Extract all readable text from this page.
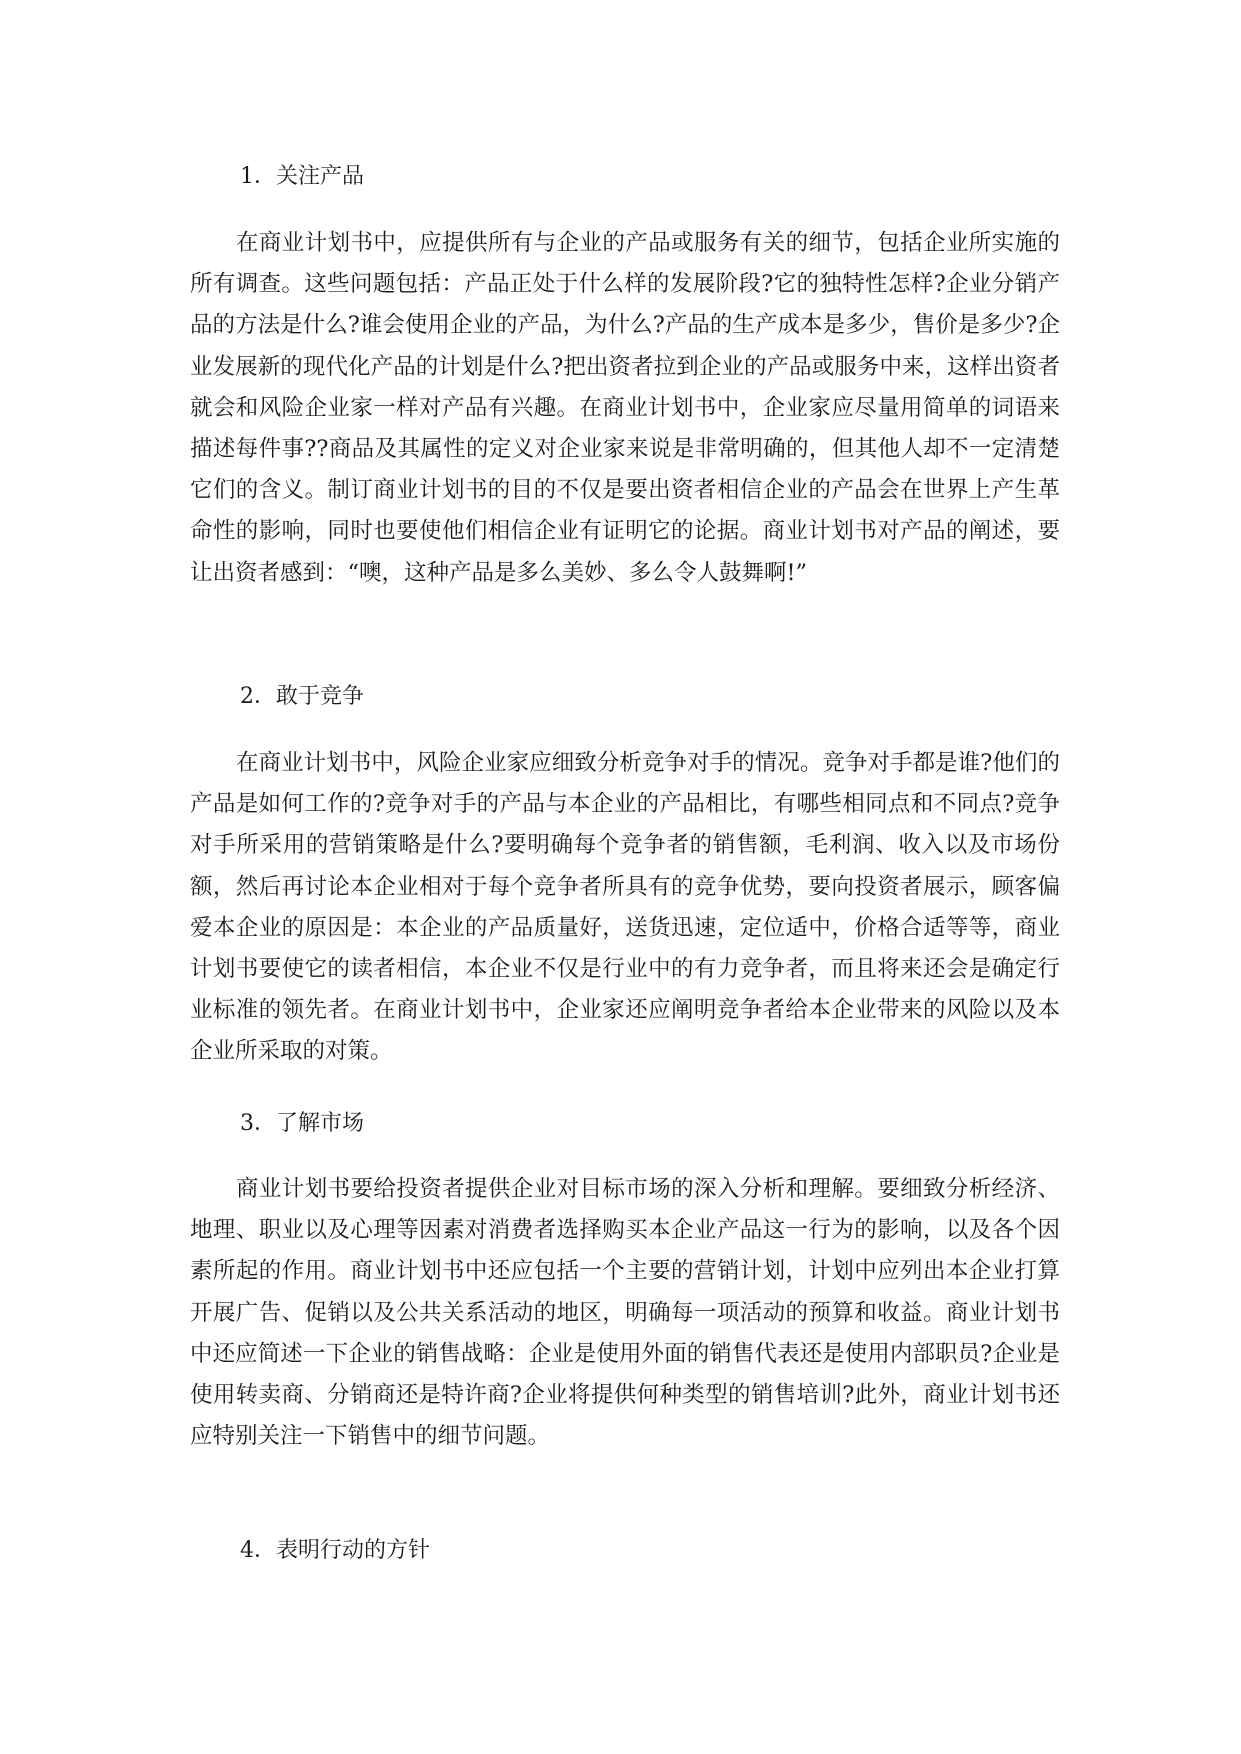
1．关注产品

在商业计划书中，应提供所有与企业的产品或服务有关的细节，包括企业所实施的所有调查。这些问题包括：产品正处于什么样的发展阶段?它的独特性怎样?企业分销产品的方法是什么?谁会使用企业的产品，为什么?产品的生产成本是多少，售价是多少?企业发展新的现代化产品的计划是什么?把出资者拉到企业的产品或服务中来，这样出资者就会和风险企业家一样对产品有兴趣。在商业计划书中，企业家应尽量用简单的词语来描述每件事??商品及其属性的定义对企业家来说是非常明确的，但其他人却不一定清楚它们的含义。制订商业计划书的目的不仅是要出资者相信企业的产品会在世界上产生革命性的影响，同时也要使他们相信企业有证明它的论据。商业计划书对产品的阐述，要让出资者感到：“噢，这种产品是多么美妙、多么令人鼓舞啊!”

2．敢于竞争

在商业计划书中，风险企业家应细致分析竞争对手的情况。竞争对手都是谁?他们的产品是如何工作的?竞争对手的产品与本企业的产品相比，有哪些相同点和不同点?竞争对手所采用的营销策略是什么?要明确每个竞争者的销售额，毛利润、收入以及市场份额，然后再讨论本企业相对于每个竞争者所具有的竞争优势，要向投资者展示，顾客偏爱本企业的原因是：本企业的产品质量好，送货迅速，定位适中，价格合适等等，商业计划书要使它的读者相信，本企业不仅是行业中的有力竞争者，而且将来还会是确定行业标准的领先者。在商业计划书中，企业家还应阐明竞争者给本企业带来的风险以及本企业所采取的对策。

3．了解市场

商业计划书要给投资者提供企业对目标市场的深入分析和理解。要细致分析经济、地理、职业以及心理等因素对消费者选择购买本企业产品这一行为的影响，以及各个因素所起的作用。商业计划书中还应包括一个主要的营销计划，计划中应列出本企业打算开展广告、促销以及公共关系活动的地区，明确每一项活动的预算和收益。商业计划书中还应简述一下企业的销售战略：企业是使用外面的销售代表还是使用内部职员?企业是使用转卖商、分销商还是特许商?企业将提供何种类型的销售培训?此外，商业计划书还应特别关注一下销售中的细节问题。

4．表明行动的方针
